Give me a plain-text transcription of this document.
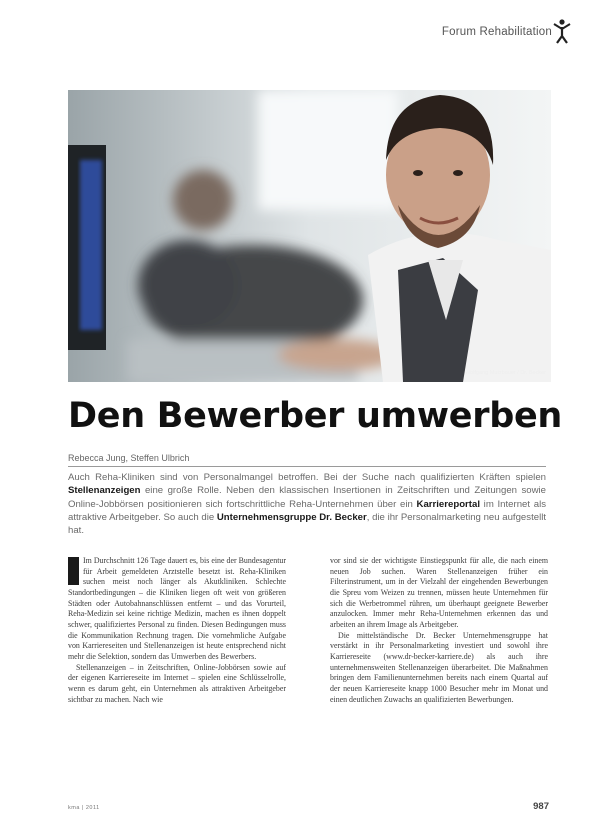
Forum Rehabilitation
Wolfgang Mutzbauer / Dr. Becker
Den Bewerber umwerben
Rebecca Jung, Steffen Ulbrich
Auch Reha-Kliniken sind von Personalmangel betroffen. Bei der Suche nach qualifizierten Kräften spielen Stellenanzeigen eine große Rolle. Neben den klassischen Insertionen in Zeitschriften und Zeitungen sowie Online-Jobbörsen positionieren sich fortschrittliche Reha-Unternehmen über ein Karriereportal im Internet als attraktive Arbeitgeber. So auch die Unternehmensgruppe Dr. Becker, die ihr Personalmarketing neu aufgestellt hat.

Im Durchschnitt 126 Tage dauert es, bis eine der Bundesagentur für Arbeit gemeldeten Arztstelle besetzt ist. Reha-Kliniken suchen meist noch länger als Akutkliniken. Schlechte Standortbedingungen – die Kliniken liegen oft weit von größeren Städten oder Autobahnanschlüssen entfernt – und das Vorurteil, Reha-Medizin sei keine richtige Medizin, machen es ihnen doppelt schwer, qualifiziertes Personal zu finden. Diesen Bedingungen muss die Kommunikation Rechnung tragen. Die vornehmliche Aufgabe von Karriereseiten und Stellenanzeigen ist heute entsprechend nicht mehr die Selektion, sondern das Umwerben des Bewerbers.

Stellenanzeigen – in Zeitschriften, Online-Jobbörsen sowie auf der eigenen Karriereseite im Internet – spielen eine Schlüsselrolle, wenn es darum geht, ein Unternehmen als attraktiven Arbeitgeber sichtbar zu machen. Nach wie

vor sind sie der wichtigste Einstiegspunkt für alle, die nach einem neuen Job suchen. Waren Stellenanzeigen früher ein Filterinstrument, um in der Vielzahl der eingehenden Bewerbungen die Spreu vom Weizen zu trennen, müssen heute Unternehmen für sich die Werbetrommel rühren, um überhaupt geeignete Bewerber anzulocken. Immer mehr Reha-Unternehmen erkennen das und arbeiten an ihrem Image als Arbeitgeber.

Die mittelständische Dr. Becker Unternehmensgruppe hat verstärkt in ihr Personalmarketing investiert und sowohl ihre Karriereseite (www.dr-becker-karriere.de) als auch ihre unternehmensweiten Stellenanzeigen überarbeitet. Die Maßnahmen bringen dem Familienunternehmen bereits nach einem Quartal auf der neuen Karriereseite knapp 1000 Besucher mehr im Monat und einen deutlichen Zuwachs an qualifizierten Bewerbungen.

kma | 2011	987
